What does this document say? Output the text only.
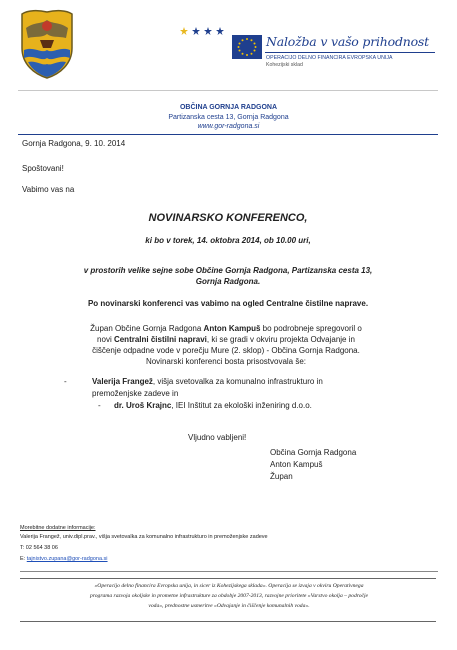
Naložba v vašo prihodnost
OPERACIJO DELNO FINANCIRA EVROPSKA UNIJA
Kohezijski sklad
OBČINA GORNJA RADGONA
Partizanska cesta 13, Gornja Radgona
www.gor-radgona.si
Gornja Radgona, 9. 10. 2014
Spoštovani!
Vabimo vas na
NOVINARSKO KONFERENCO,
ki bo v torek, 14. oktobra 2014, ob 10.00 uri,
v prostorih velike sejne sobe Občine Gornja Radgona, Partizanska cesta 13,
Gornja Radgona.
Po novinarski konferenci vas vabimo na ogled Centralne čistilne naprave.
Župan Občine Gornja Radgona Anton Kampuš bo podrobneje spregovoril o
novi Centralni čistilni napravi, ki se gradi v okviru projekta Odvajanje in
čiščenje odpadne vode v porečju Mure (2. sklop) - Občina Gornja Radgona.
Novinarski konferenci bosta prisostvovala še:
-	Valerija Frangež, višja svetovalka za komunalno infrastrukturo in
premoženjske zadeve in
- dr. Uroš Krajnc, IEI Inštitut za ekološki inženiring d.o.o.
Vljudno vabljeni!
Občina Gornja Radgona
Anton Kampuš
Župan
Morebitne dodatne informacije:
Valerija Frangež, univ.dipl.prav., višja svetovalka za komunalno infrastrukturo in premoženjske zadeve
T: 02 564 38 06
E: tajnistvo.zupana@gor-radgona.si
»Operacijo delno financira Evropska unija, in sicer iz Kohezijskega sklada«. Operacija se izvaja v okviru Operativnega
programa razvoja okoljske in prometne infrastrukture za obdobje 2007-2013, razvojne prioritete »Varstvo okolja – področje
voda«, prednostne usmeritve »Odvajanje in čiščenje komunalnih voda«.
